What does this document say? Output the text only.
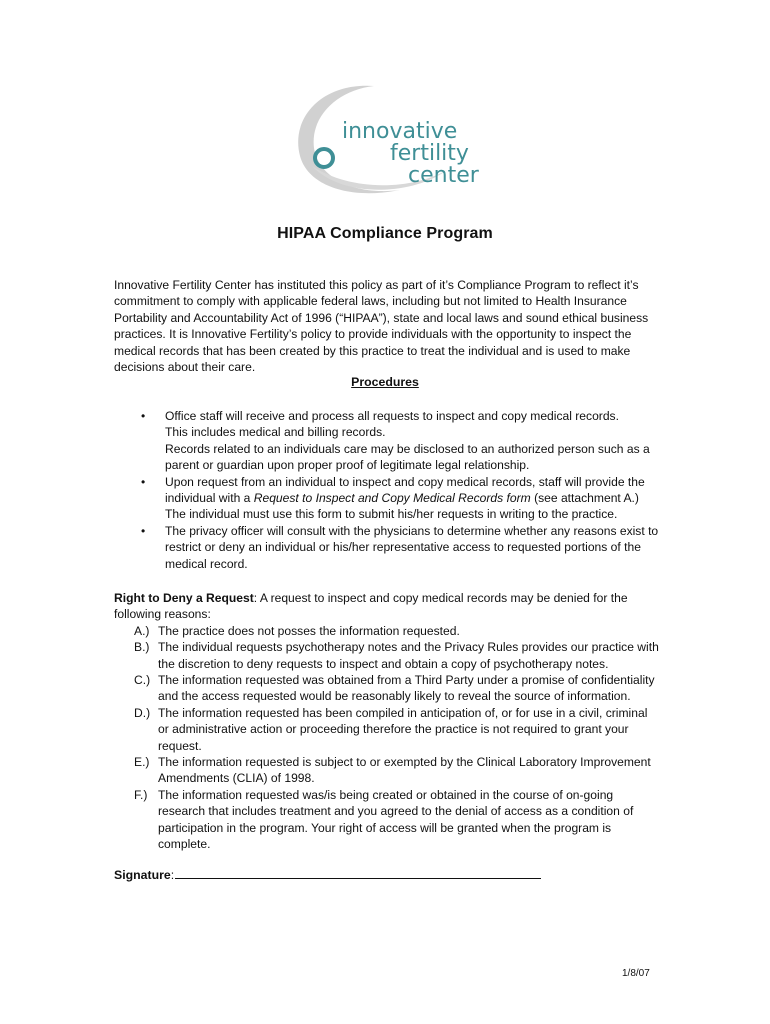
innovative
fertility
center
HIPAA Compliance Program

Innovative Fertility Center has instituted this policy as part of it’s Compliance Program to reflect it’s commitment to comply with applicable federal laws, including but not limited to Health Insurance Portability and Accountability Act of 1996 (“HIPAA”), state and local laws and sound ethical business practices. It is Innovative Fertility’s policy to provide individuals with the opportunity to inspect the medical records that has been created by this practice to treat the individual and is used to make decisions about their care.

Procedures
• Office staff will receive and process all requests to inspect and copy medical records.
This includes medical and billing records.
Records related to an individuals care may be disclosed to an authorized person such as a parent or guardian upon proper proof of legitimate legal relationship.
• Upon request from an individual to inspect and copy medical records, staff will provide the individual with a Request to Inspect and Copy Medical Records form (see attachment A.) The individual must use this form to submit his/her requests in writing to the practice.
• The privacy officer will consult with the physicians to determine whether any reasons exist to restrict or deny an individual or his/her representative access to requested portions of the medical record.
Right to Deny a Request: A request to inspect and copy medical records may be denied for the following reasons:
A.) The practice does not posses the information requested.
B.) The individual requests psychotherapy notes and the Privacy Rules provides our practice with the discretion to deny requests to inspect and obtain a copy of psychotherapy notes.
C.) The information requested was obtained from a Third Party under a promise of confidentiality and the access requested would be reasonably likely to reveal the source of information.
D.) The information requested has been compiled in anticipation of, or for use in a civil, criminal or administrative action or proceeding therefore the practice is not required to grant your request.
E.) The information requested is subject to or exempted by the Clinical Laboratory Improvement Amendments (CLIA) of 1998.
F.) The information requested was/is being created or obtained in the course of on-going research that includes treatment and you agreed to the denial of access as a condition of participation in the program. Your right of access will be granted when the program is complete.
Signature:
1/8/07
